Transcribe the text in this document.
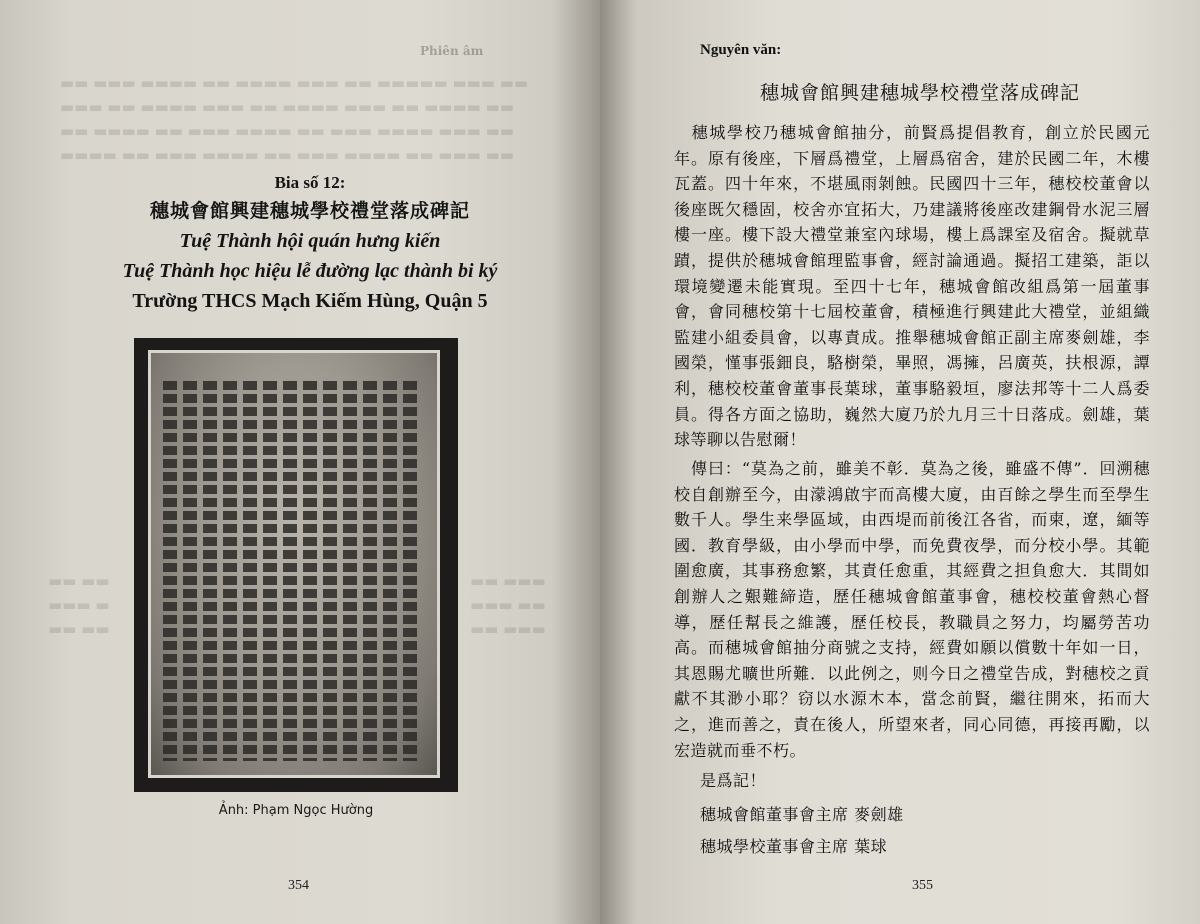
Phiên âm
▬▬ ▬▬▬ ▬▬▬▬ ▬▬ ▬▬▬▬ ▬▬▬ ▬▬ ▬▬▬▬▬ ▬▬▬ ▬▬
▬▬▬ ▬▬ ▬▬▬▬ ▬▬▬ ▬▬ ▬▬▬▬ ▬▬▬ ▬▬ ▬▬▬▬ ▬▬
▬▬ ▬▬▬▬ ▬▬ ▬▬▬ ▬▬▬▬ ▬▬ ▬▬▬ ▬▬▬▬ ▬▬▬ ▬▬
▬▬▬▬ ▬▬ ▬▬▬ ▬▬▬▬ ▬▬ ▬▬▬ ▬▬▬▬ ▬▬ ▬▬▬ ▬▬
Bia số 12:
穗城會館興建穗城學校禮堂落成碑記
Tuệ Thành hội quán hưng kiến
Tuệ Thành học hiệu lễ đường lạc thành bi ký
Trường THCS Mạch Kiếm Hùng, Quận 5
▬▬ ▬▬
▬▬▬ ▬
▬▬ ▬▬
▬▬ ▬▬▬
▬▬▬ ▬▬
▬▬ ▬▬▬
Ảnh: Phạm Ngọc Hường
354
Nguyên văn:
穗城會館興建穗城學校禮堂落成碑記
　穗城學校乃穗城會館抽分，前賢爲提倡教育，創立於民國元年。原有後座，下層爲禮堂，上層爲宿舍，建於民國二年，木樓瓦蓋。四十年來，不堪風雨剝蝕。民國四十三年，穗校校董會以後座既欠穩固，校舍亦宜拓大，乃建議將後座改建鋼骨水泥三層樓一座。樓下設大禮堂兼室內球場，樓上爲課室及宿舍。擬就草蹟，提供於穗城會館理監事會，經討論通過。擬招工建築，詎以環境變遷未能實現。至四十七年，穗城會館改組爲第一屆董事會，會同穗校第十七屆校董會，積極進行興建此大禮堂，並組織監建小組委員會，以專責成。推舉穗城會館正副主席麥劍雄，李國榮，慬事張鈿良，駱樹榮，畢照，馮擁，呂廣英，扶根源，譚利，穗校校董會董事長葉球，董事駱毅垣，廖法邦等十二人爲委員。得各方面之協助，巍然大廈乃於九月三十日落成。劍雄，葉球等聊以告慰爾！
　傳曰：“莫為之前，雖美不彰．莫為之後，雖盛不傳”．回溯穗校自創辦至今，由濛鴻啟宇而高樓大廈，由百餘之學生而至學生數千人。學生来學區域，由西堤而前後江各省，而柬，遼，緬等國．教育學級，由小學而中學，而免費夜學，而分校小學。其範圍愈廣，其事務愈繁，其責任愈重，其經費之担負愈大．其間如創辦人之艱難締造，歷任穗城會館董事會，穗校校董會熱心督導，歷任幫長之維護，歷任校長，教職員之努力，均屬勞苦功高。而穗城會館抽分商號之支持，經費如願以償數十年如一日，其恩賜尤曠世所難．以此例之，则今日之禮堂告成，對穗校之貢獻不其渺小耶？窃以水源木本，當念前賢，繼往開來，拓而大之，進而善之，責在後人，所望來者，同心同德，再接再勵，以宏造就而垂不朽。
是爲記！
穗城會館董事會主席 麥劍雄
穗城學校董事會主席 葉球
355
